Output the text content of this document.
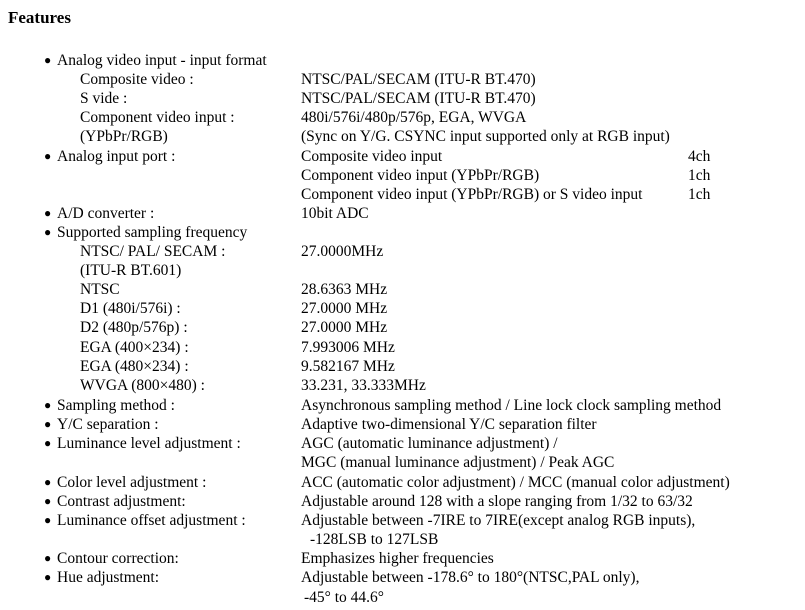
Features
● Analog video input - input format
Composite video :	NTSC/PAL/SECAM (ITU-R BT.470)
S vide :	NTSC/PAL/SECAM (ITU-R BT.470)
Component video input :	480i/576i/480p/576p, EGA, WVGA
(YPbPr/RGB)	(Sync on Y/G. CSYNC input supported only at RGB input)
● Analog input port :	Composite video input	4ch
Component video input (YPbPr/RGB)	1ch
Component video input (YPbPr/RGB) or S video input	1ch
● A/D converter :	10bit ADC
● Supported sampling frequency
NTSC/ PAL/ SECAM :	27.0000MHz
(ITU-R BT.601)
NTSC	28.6363 MHz
D1 (480i/576i) :	27.0000 MHz
D2 (480p/576p) :	27.0000 MHz
EGA (400×234) :	7.993006 MHz
EGA (480×234) :	9.582167 MHz
WVGA (800×480) :	33.231, 33.333MHz
● Sampling method :	Asynchronous sampling method / Line lock clock sampling method
● Y/C separation :	Adaptive two-dimensional Y/C separation filter
● Luminance level adjustment :	AGC (automatic luminance adjustment) /
MGC (manual luminance adjustment) / Peak AGC
● Color level adjustment :	ACC (automatic color adjustment) / MCC (manual color adjustment)
● Contrast adjustment:	Adjustable around 128 with a slope ranging from 1/32 to 63/32
● Luminance offset adjustment :	Adjustable between -7IRE to 7IRE(except analog RGB inputs),
-128LSB to 127LSB
● Contour correction:	Emphasizes higher frequencies
● Hue adjustment:	Adjustable between -178.6° to 180°(NTSC,PAL only),
-45° to 44.6°
